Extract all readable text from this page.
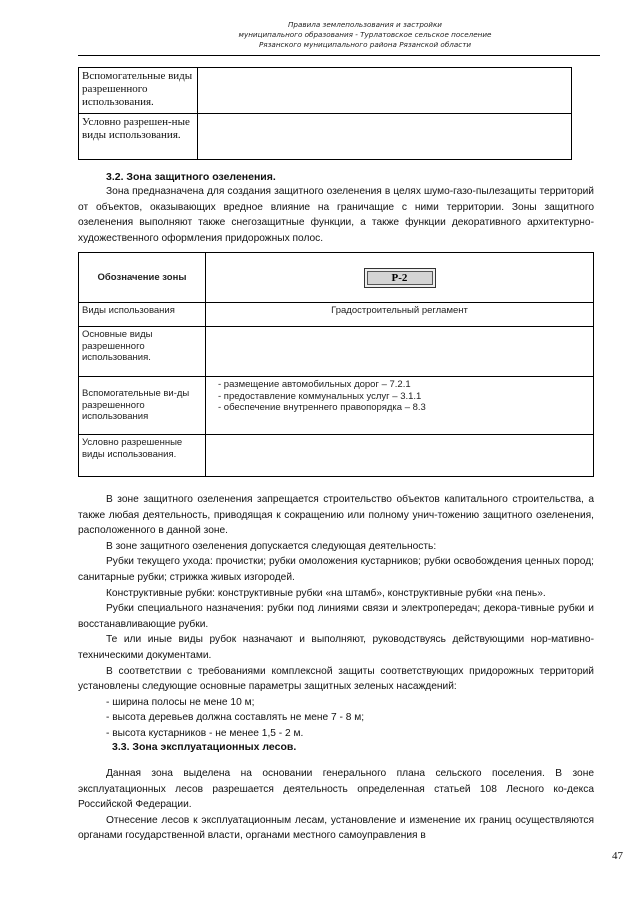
Правила землепользования и застройки
муниципального образования - Турлатовское сельское поселение
Рязанского муниципального района Рязанской области
Вспомогательные виды разрешенного использования.	
Условно разрешен-ные виды использования.	
3.2. Зона защитного озеленения.

Зона предназначена для создания защитного озеленения в целях шумо-газо-пылезащиты территорий от объектов, оказывающих вредное влияние на граничащие с ними территории. Зоны защитного озеленения выполняют также снегозащитные функции, а также функции декоративного архитектурно-художественного оформления придорожных полос.

Обозначение зоны	Р-2
Виды использования	Градостроительный регламент
Основные виды разрешенного использования.	
Вспомогательные ви-ды разрешенного использования	- размещение автомобильных дорог – 7.2.1
- предоставление коммунальных услуг – 3.1.1
- обеспечение внутреннего правопорядка – 8.3

Условно разрешенные виды использования.	

В зоне защитного озеленения запрещается строительство объектов капитального строительства, а также любая деятельность, приводящая к сокращению или полному унич-тожению защитного озеленения, расположенного в данной зоне.

В зоне защитного озеленения допускается следующая деятельность:

Рубки текущего ухода: прочистки; рубки омоложения кустарников; рубки освобождения ценных пород; санитарные рубки; стрижка живых изгородей.

Конструктивные рубки: конструктивные рубки «на штамб», конструктивные рубки «на пень».

Рубки специального назначения: рубки под линиями связи и электропередач; декора-тивные рубки и восстанавливающие рубки.

Те или иные виды рубок назначают и выполняют, руководствуясь действующими нор-мативно-техническими документами.

В соответствии с требованиями комплексной защиты соответствующих придорожных территорий установлены следующие основные параметры защитных зеленых насаждений:

- ширина полосы не мене 10 м;

- высота деревьев должна составлять не мене 7 - 8 м;

- высота кустарников - не менее 1,5 - 2 м.

3.3. Зона эксплуатационных лесов.

Данная зона выделена на основании генерального плана сельского поселения. В зоне эксплуатационных лесов разрешается деятельность определенная статьей 108 Лесного ко-декса Российской Федерации.

Отнесение лесов к эксплуатационным лесам, установление и изменение их границ осуществляются органами государственной власти, органами местного самоуправления в

47
